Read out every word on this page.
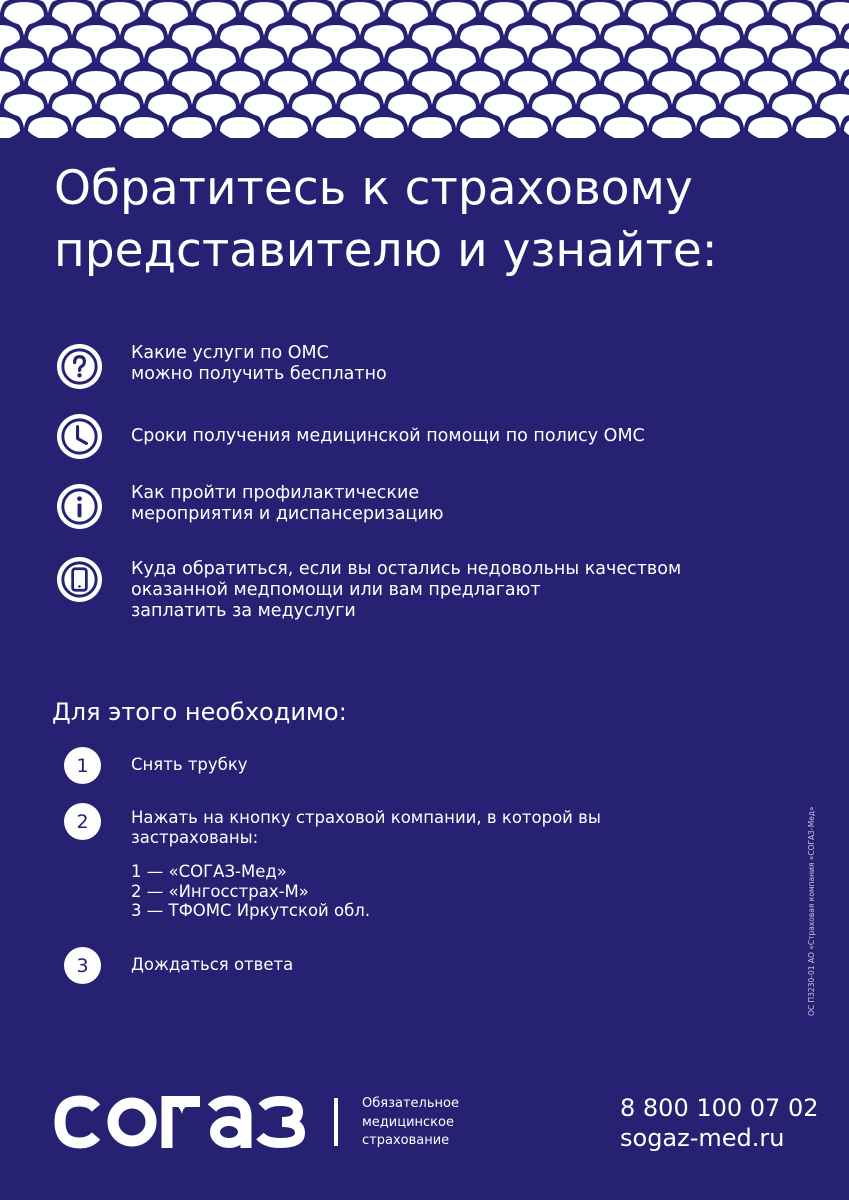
Обратитесь к страховому
представителю и узнайте:
Какие услуги по ОМС
можно получить бесплатно
Сроки получения медицинской помощи по полису ОМС
Как пройти профилактические
мероприятия и диспансеризацию
Куда обратиться, если вы остались недовольны качеством
оказанной медпомощи или вам предлагают
заплатить за медуслуги
Для этого необходимо:
1	Снять трубку
2	Нажать на кнопку страховой компании, в которой вы
застрахованы:
1 — «СОГАЗ-Мед»
2 — «Ингосстрах-М»
3 — ТФОМС Иркутской обл.
3	Дождаться ответа	ОС П3230-01 АО «Страховая компания «СОГАЗ-Мед»
Обязательное
медицинское
страхование
8 800 100 07 02
sogaz-med.ru
